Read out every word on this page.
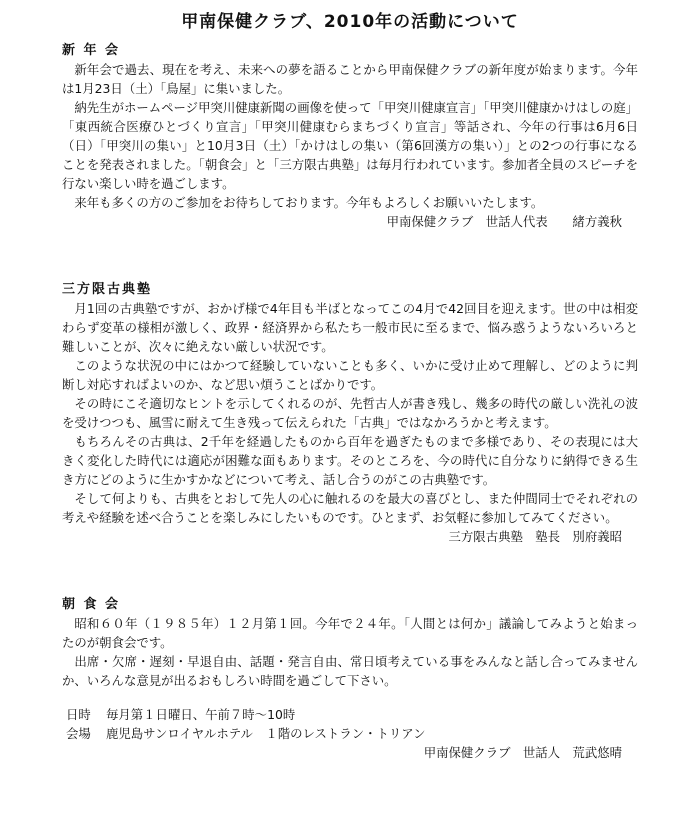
甲南保健クラブ、2010年の活動について
新 年 会

新年会で過去、現在を考え、未来への夢を語ることから甲南保健クラブの新年度が始まります。今年は1月23日（土）「鳥屋」に集いました。

納先生がホームページ甲突川健康新聞の画像を使って「甲突川健康宣言」「甲突川健康かけはしの庭」「東西統合医療ひとづくり宣言」「甲突川健康むらまちづくり宣言」等話され、今年の行事は6月6日（日）「甲突川の集い」と10月3日（土）「かけはしの集い（第6回漢方の集い）」との2つの行事になることを発表されました。「朝食会」と「三方限古典塾」は毎月行われています。参加者全員のスピーチを行ない楽しい時を過ごします。

来年も多くの方のご参加をお待ちしております。今年もよろしくお願いいたします。

甲南保健クラブ　世話人代表　　緒方義秋

三方限古典塾

月1回の古典塾ですが、おかげ様で4年目も半ばとなってこの4月で42回目を迎えます。世の中は相変わらず変革の様相が激しく、政界・経済界から私たち一般市民に至るまで、悩み惑うようないろいろと難しいことが、次々に絶えない厳しい状況です。

このような状況の中にはかつて経験していないことも多く、いかに受け止めて理解し、どのように判断し対応すればよいのか、など思い煩うことばかりです。

その時にこそ適切なヒントを示してくれるのが、先哲古人が書き残し、幾多の時代の厳しい洗礼の波を受けつつも、風雪に耐えて生き残って伝えられた「古典」ではなかろうかと考えます。

もちろんその古典は、2千年を経過したものから百年を過ぎたものまで多様であり、その表現には大きく変化した時代には適応が困難な面もあります。そのところを、今の時代に自分なりに納得できる生き方にどのように生かすかなどについて考え、話し合うのがこの古典塾です。

そして何よりも、古典をとおして先人の心に触れるのを最大の喜びとし、また仲間同士でそれぞれの考えや経験を述べ合うことを楽しみにしたいものです。ひとまず、お気軽に参加してみてください。

三方限古典塾　塾長　別府義昭

朝 食 会

昭和６０年（１９８５年）１２月第１回。今年で２４年。「人間とは何か」議論してみようと始まったのが朝食会です。

出席・欠席・遅刻・早退自由、話題・発言自由、常日頃考えている事をみんなと話し合ってみませんか、いろんな意見が出るおもしろい時間を過ごして下さい。

日時 毎月第１日曜日、午前７時〜10時
会場 鹿児島サンロイヤルホテル　１階のレストラン・トリアン

甲南保健クラブ　世話人　荒武悠晴
